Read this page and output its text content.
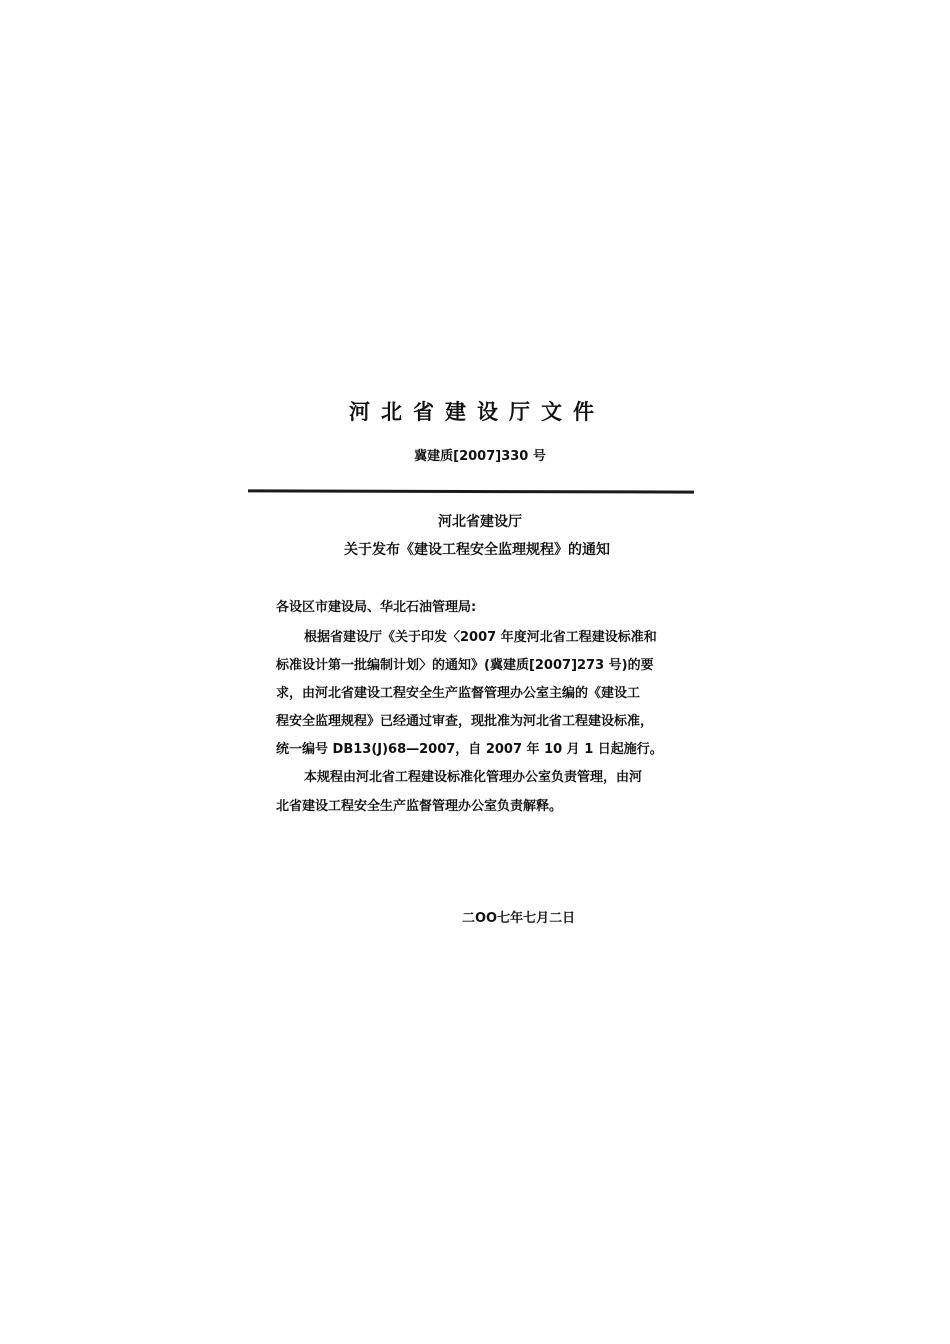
河北省建设厅文件
冀建质[2007]330 号
河北省建设厅
关于发布《建设工程安全监理规程》的通知
各设区市建设局、华北石油管理局:
根据省建设厅《关于印发〈2007 年度河北省工程建设标准和
标准设计第一批编制计划〉的通知》(冀建质[2007]273 号)的要
求，由河北省建设工程安全生产监督管理办公室主编的《建设工
程安全监理规程》已经通过审查，现批准为河北省工程建设标准，
统一编号 DB13(J)68—2007，自 2007 年 10 月 1 日起施行。
本规程由河北省工程建设标准化管理办公室负责管理，由河
北省建设工程安全生产监督管理办公室负责解释。
二OO七年七月二日
